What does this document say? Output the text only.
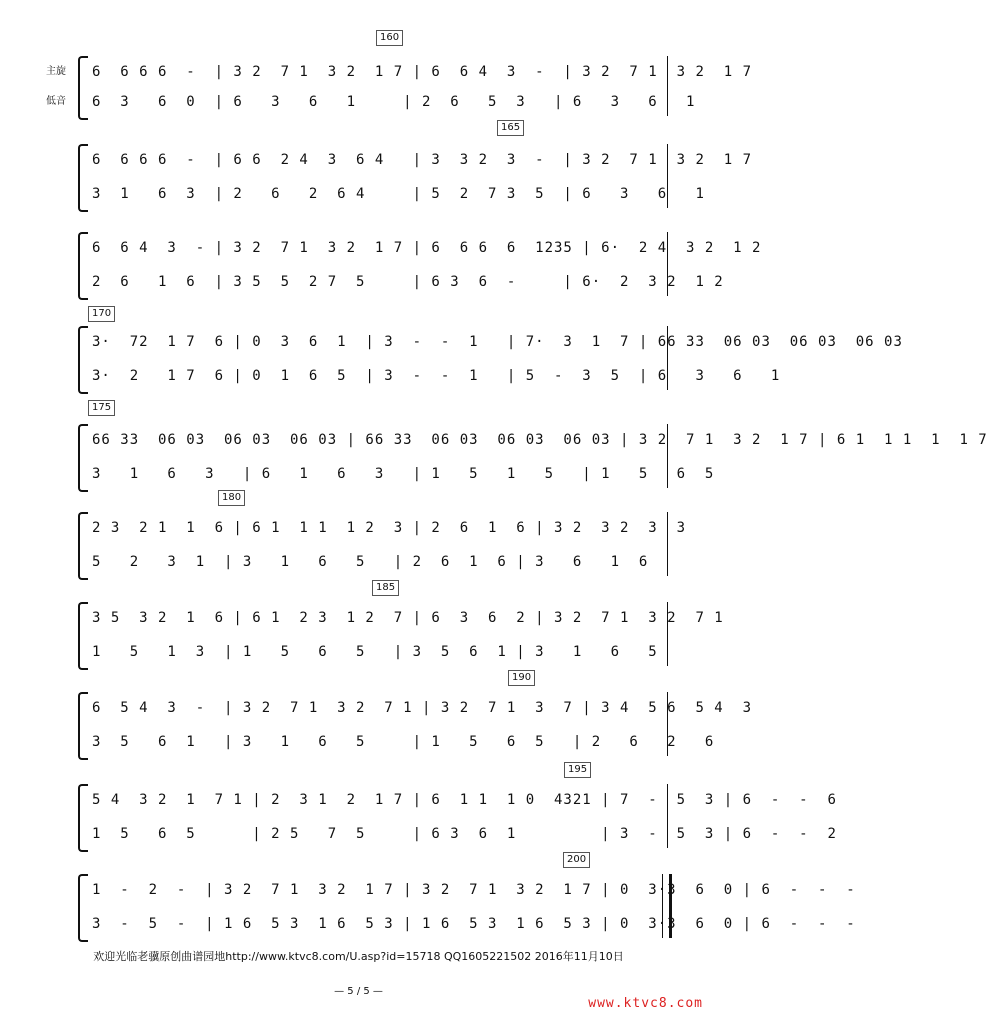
主旋
低音
6  6 6 6  -  | 3 2  7 1  3 2  1 7 | 6  6 4  3  -  | 3 2  7 1  3 2  1 7
6  3   6  0  | 6   3   6   1     | 2  6   5  3   | 6   3   6   1
160
6  6 6 6  -  | 6 6  2 4  3  6 4   | 3  3 2  3  -  | 3 2  7 1  3 2  1 7
3  1   6  3  | 2   6   2  6 4     | 5  2  7 3  5  | 6   3   6   1
165
6  6 4  3  - | 3 2  7 1  3 2  1 7 | 6  6 6  6  1235 | 6·  2 4  3 2  1 2
2  6   1  6  | 3 5  5  2 7  5     | 6 3  6  -     | 6·  2  3 2  1 2
3·  72  1 7  6 | 0  3  6  1  | 3  -  -  1   | 7·  3  1  7 | 66 33  06 03  06 03  06 03
3·  2   1 7  6 | 0  1  6  5  | 3  -  -  1   | 5  -  3  5  | 6   3   6   1
170
66 33  06 03  06 03  06 03 | 66 33  06 03  06 03  06 03 | 3 2  7 1  3 2  1 7 | 6 1  1 1  1  1 7
3   1   6   3   | 6   1   6   3   | 1   5   1   5   | 1   5   6  5
175
2 3  2 1  1  6 | 6 1  1 1  1 2  3 | 2  6  1  6 | 3 2  3 2  3  3
5   2   3  1  | 3   1   6   5   | 2  6  1  6 | 3   6   1  6
180
3 5  3 2  1  6 | 6 1  2 3  1 2  7 | 6  3  6  2 | 3 2  7 1  3 2  7 1
1   5   1  3  | 1   5   6   5   | 3  5  6  1 | 3   1   6   5
185
6  5 4  3  -  | 3 2  7 1  3 2  7 1 | 3 2  7 1  3  7 | 3 4  5 6  5 4  3
3  5   6  1   | 3   1   6   5     | 1   5   6  5   | 2   6   2   6
190
5 4  3 2  1  7 1 | 2  3 1  2  1 7 | 6  1 1  1 0  4321 | 7  -  5  3 | 6  -  -  6
1  5   6  5      | 2 5   7  5     | 6 3  6  1         | 3  -  5  3 | 6  -  -  2
195
1  -  2  -  | 3 2  7 1  3 2  1 7 | 3 2  7 1  3 2  1 7 | 0  3·3  6  0 | 6  -  -  -
3  -  5  -  | 1 6  5 3  1 6  5 3 | 1 6  5 3  1 6  5 3 | 0  3·3  6  0 | 6  -  -  -
200
欢迎光临老骥原创曲谱园地http://www.ktvc8.com/U.asp?id=15718 QQ1605221502 2016年11月10日
— 5 / 5 —
www.ktvc8.com
